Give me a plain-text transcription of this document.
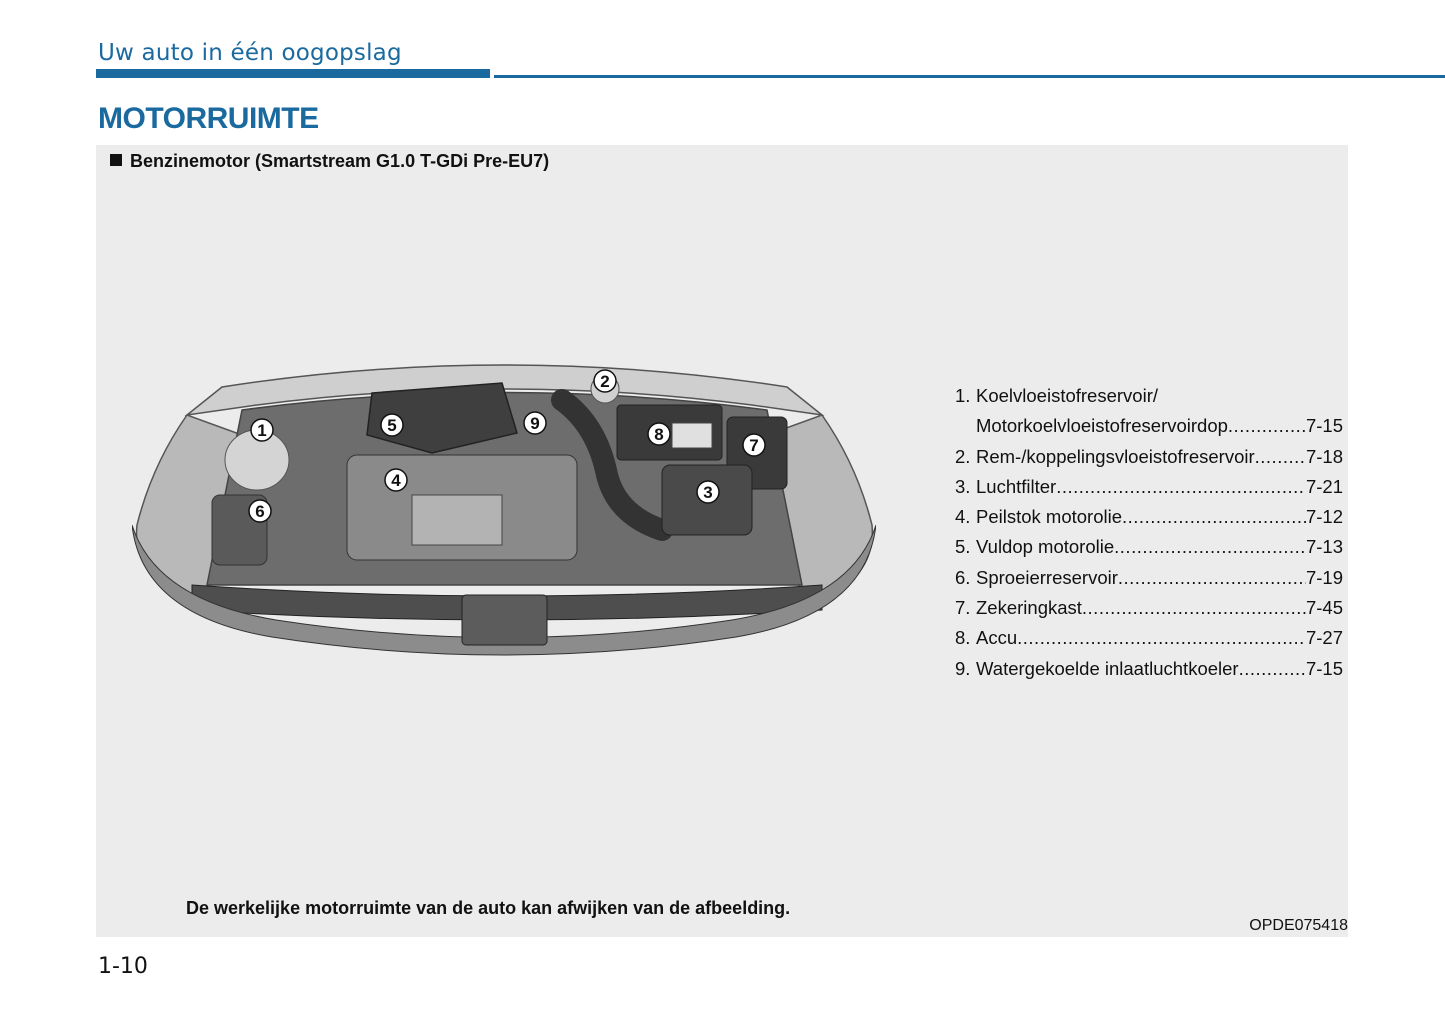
Uw auto in één oogopslag
MOTORRUIMTE
Benzinemotor (Smartstream G1.0 T-GDi Pre-EU7)
1
2
3
4
5
6
7
8
9
1. Koelvloeistofreservoir/
Motorkoelvloeistofreservoirdop .....	7-15
2. Rem-/koppelingsvloeistofreservoir .....	7-18
3. Luchtfilter .....	7-21
4. Peilstok motorolie .....	7-12
5. Vuldop motorolie .....	7-13
6. Sproeierreservoir .....	7-19
7. Zekeringkast .....	7-45
8. Accu .....	7-27
9. Watergekoelde inlaatluchtkoeler .....	7-15
De werkelijke motorruimte van de auto kan afwijken van de afbeelding.
OPDE075418
1-10
